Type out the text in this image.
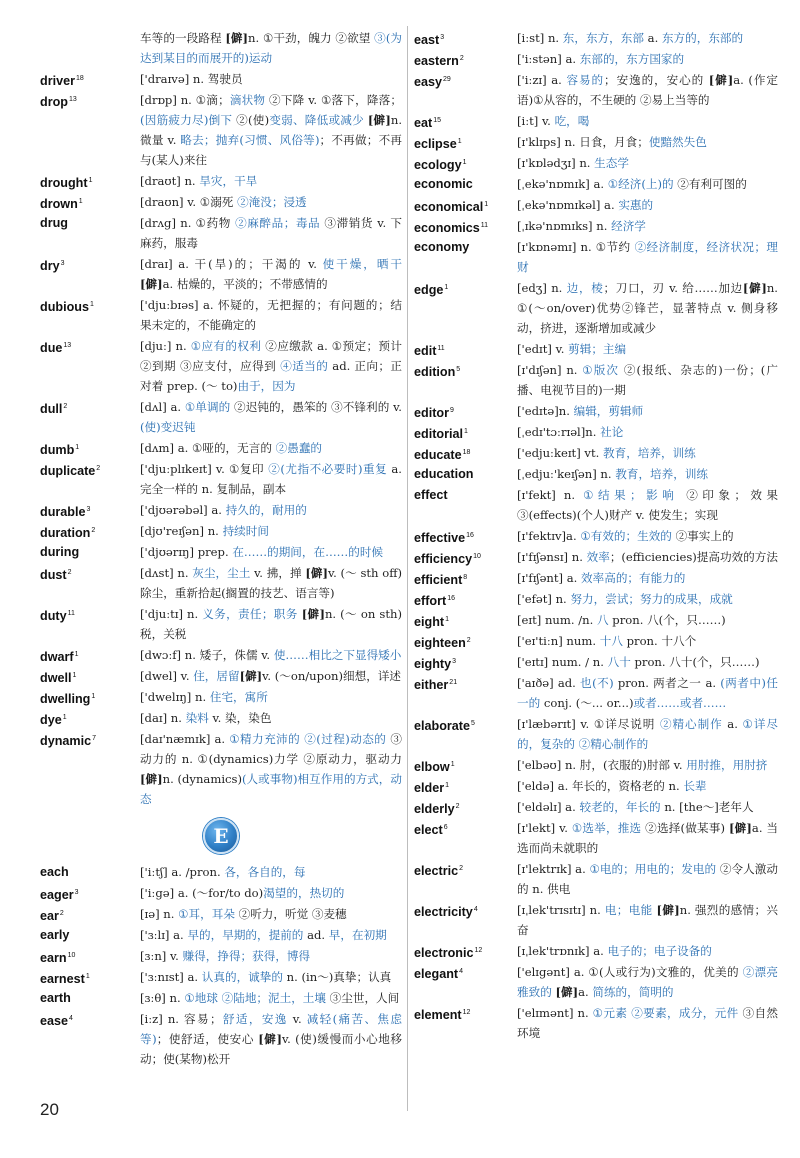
车等的一段路程 [僻]n. ①干劲，魄力 ②欲望 ③(为达到某目的而展开的)运动
driver$^{18}$	['draɪvə] n. 驾驶员
drop$^{13}$	[drɒp] n. ①滴；滴状物 ②下降 v. ①落下，降落；(因筋疲力尽)倒下 ②(使)变弱、降低或减少 [僻]n. 微量 v. 略去；抛弃(习惯、风俗等)；不再做；不再与(某人)来往
drought$^1$	[draʊt] n. 旱灾，干旱
drown$^1$	[draʊn] v. ①溺死 ②淹没；浸透
drug	[drʌg] n. ①药物 ②麻醉品；毒品 ③滞销货 v. 下麻药，服毒
dry$^3$	[draɪ] a. 干(旱)的；干渴的 v. 使干燥，晒干 [僻]a. 枯燥的，平淡的；不带感情的
dubious$^1$	['djuːbɪəs] a. 怀疑的，无把握的；有问题的；结果未定的，不能确定的
due$^{13}$	[djuː] n. ①应有的权利 ②应缴款 a. ①预定；预计 ②到期 ③应支付，应得到 ④适当的 ad. 正向；正对着 prep. (～ to)由于，因为
dull$^2$	[dʌl] a. ①单调的 ②迟钝的，愚笨的 ③不锋利的 v. (使)变迟钝
dumb$^1$	[dʌm] a. ①哑的，无言的 ②愚蠢的
duplicate$^2$	['djuːplɪkeɪt] v. ①复印 ②(尤指不必要时)重复 a. 完全一样的 n. 复制品，副本
durable$^3$	['djʊərəbəl] a. 持久的，耐用的
duration$^2$	[djʊ'reɪʃən] n. 持续时间
during	['djʊərɪŋ] prep. 在……的期间，在……的时候
dust$^2$	[dʌst] n. 灰尘，尘土 v. 拂，掸 [僻]v. (～ sth off)除尘，重新拾起(搁置的技艺、语言等)
duty$^{11}$	['djuːtɪ] n. 义务，责任；职务 [僻]n. (～ on sth)税，关税
dwarf$^1$	[dwɔːf] n. 矮子，侏儒 v. 使……相比之下显得矮小
dwell$^1$	[dwel] v. 住，居留[僻]v. (～on/upon)细想，详述
dwelling$^1$	['dwelɪŋ] n. 住宅，寓所
dye$^1$	[daɪ] n. 染料 v. 染，染色
dynamic$^7$	[daɪ'næmɪk] a. ①精力充沛的 ②(过程)动态的 ③动力的 n. ①(dynamics)力学 ②原动力，驱动力 [僻]n. (dynamics)(人或事物)相互作用的方式，动态
E
each	['iːtʃ] a. /pron. 各，各自的，每
eager$^3$	['iːgə] a. (～for/to do)渴望的，热切的
ear$^2$	[ɪə] n. ①耳，耳朵 ②听力，听觉 ③麦穗
early	['ɜːlɪ] a. 早的，早期的，提前的 ad. 早，在初期
earn$^{10}$	[ɜːn] v. 赚得，挣得；获得，博得
earnest$^1$	['ɜːnɪst] a. 认真的，诚挚的 n. (in～)真挚；认真
earth	[ɜːθ] n. ①地球 ②陆地；泥土，土壤 ③尘世，人间
ease$^4$	[iːz] n. 容易；舒适，安逸 v. 减轻(痛苦、焦虑等)；使舒适，使安心 [僻]v. (使)缓慢而小心地移动；使(某物)松开
east$^3$	[iːst] n. 东，东方，东部 a. 东方的，东部的
eastern$^2$	['iːstən] a. 东部的，东方国家的
easy$^{29}$	['iːzɪ] a. 容易的；安逸的，安心的 [僻]a. (作定语)①从容的，不生硬的 ②易上当等的
eat$^{15}$	[iːt] v. 吃，喝
eclipse$^1$	[ɪ'klɪps] n. 日食，月食；使黯然失色
ecology$^1$	[ɪ'kɒlədʒɪ] n. 生态学
economic	[ˌekə'nɒmɪk] a. ①经济(上)的 ②有利可图的
economical$^1$ [ˌekə'nɒmɪkəl] a. 实惠的
economics$^{11}$ [ˌɪkə'nɒmɪks] n. 经济学
economy	[ɪ'kɒnəmɪ] n. ①节约 ②经济制度，经济状况；理财
edge$^1$	[edʒ] n. 边，棱；刀口，刃 v. 给……加边[僻]n. ①(～on/over)优势②锋芒，显著特点 v. 侧身移动，挤进，逐渐增加或减少
edit$^{11}$	['edɪt] v. 剪辑；主编
edition$^5$	[ɪ'dɪʃən] n. ①版次 ②(报纸、杂志的)一份；(广播、电视节目的)一期
editor$^9$	['edɪtə]n. 编辑，剪辑师
editorial$^1$	[ˌedɪ'tɔːrɪəl]n. 社论
educate$^{18}$	['edjuːkeɪt] vt. 教育，培养，训练
education	[ˌedjuː'keɪʃən] n. 教育，培养，训练
effect	[ɪ'fekt] n. ①结果；影响 ②印象；效果 ③(effects)(个人)财产 v. 使发生；实现
effective$^{16}$	[ɪ'fektɪv]a. ①有效的；生效的 ②事实上的
efficiency$^{10}$	[ɪ'fɪʃənsɪ] n. 效率；(efficiencies)提高功效的方法
efficient$^8$	[ɪ'fɪʃənt] a. 效率高的；有能力的
effort$^{16}$	['efət] n. 努力，尝试；努力的成果，成就
eight$^1$	[eɪt] num. /n. 八 pron. 八(个，只……)
eighteen$^2$	['eɪ'tiːn] num. 十八 pron. 十八个
eighty$^3$	['eɪtɪ] num. / n. 八十 pron. 八十(个，只……)
either$^{21}$	['aɪðə] ad. 也(不) pron. 两者之一 a. (两者中)任一的 conj. (～... or...)或者……或者……
elaborate$^5$	[ɪ'læbərɪt] v. ①详尽说明 ②精心制作 a. ①详尽的，复杂的 ②精心制作的
elbow$^1$	['elbəʊ] n. 肘，(衣服的)肘部 v. 用肘推，用肘挤
elder$^1$	['eldə] a. 年长的，资格老的 n. 长辈
elderly$^2$	['eldəlɪ] a. 较老的，年长的 n. [the～]老年人
elect$^6$	[ɪ'lekt] v. ①选举，推选 ②选择(做某事) [僻]a. 当选而尚未就职的
electric$^2$	[ɪ'lektrɪk] a. ①电的；用电的；发电的 ②令人激动的 n. 供电
electricity$^4$	[ɪˌlek'trɪsɪtɪ] n. 电；电能 [僻]n. 强烈的感情；兴奋
electronic$^{12}$	[ɪˌlek'trɒnɪk] a. 电子的；电子设备的
elegant$^4$	['elɪgənt] a. ①(人或行为)文雅的，优美的 ②漂亮雅致的 [僻]a. 简练的，简明的
element$^{12}$	['elɪmənt] n. ①元素 ②要素，成分，元件 ③自然环境
20
